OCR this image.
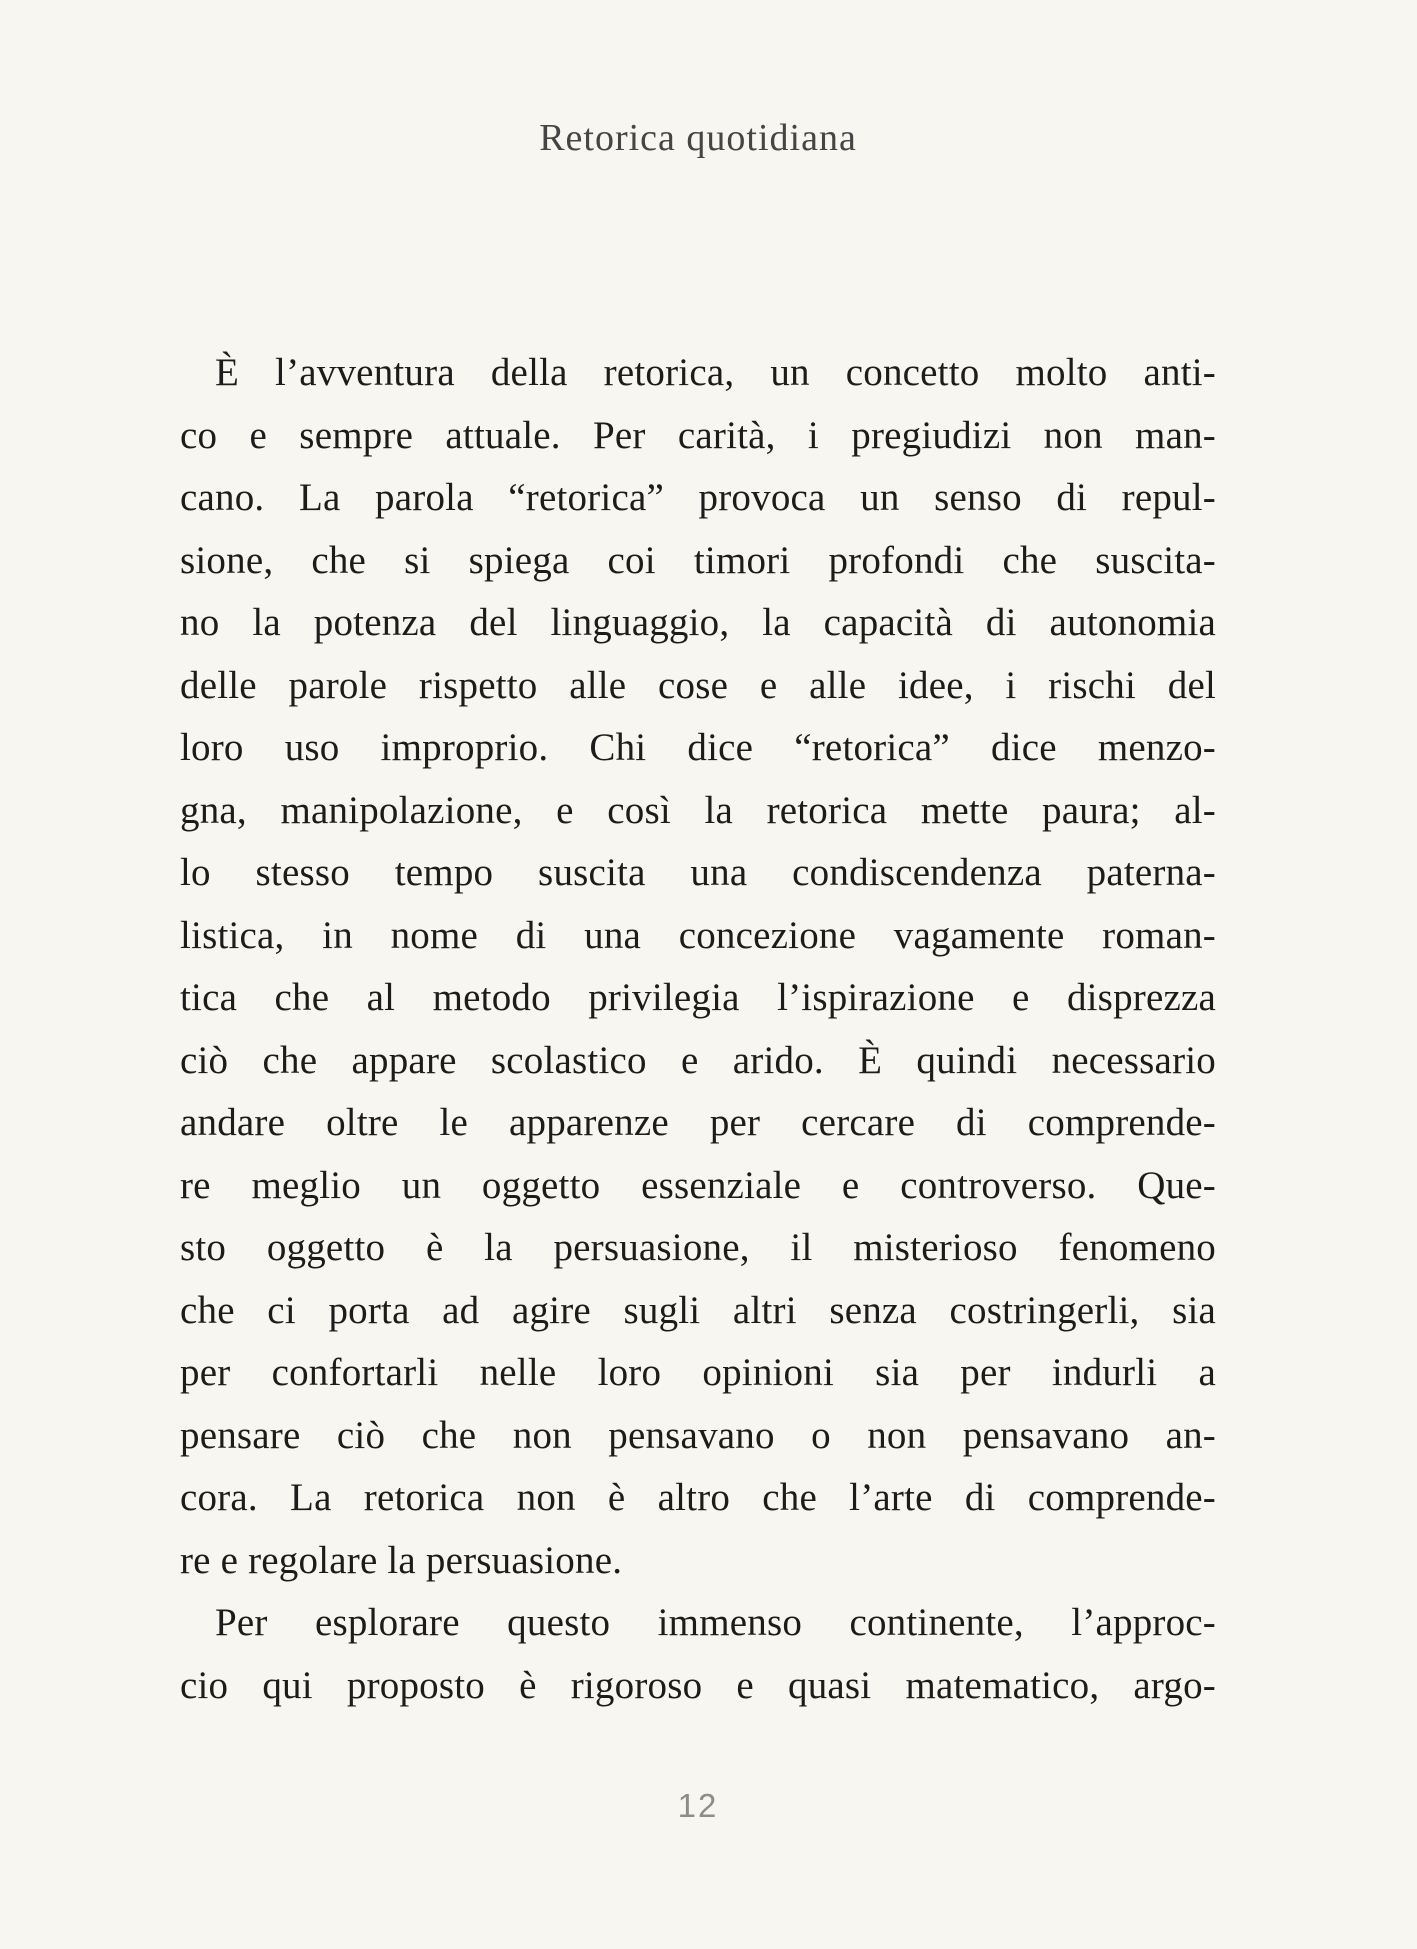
Retorica quotidiana

È l’avventura della retorica, un concetto molto anti-
co e sempre attuale. Per carità, i pregiudizi non man-
cano. La parola “retorica” provoca un senso di repul-
sione, che si spiega coi timori profondi che suscita-
no la potenza del linguaggio, la capacità di autonomia
delle parole rispetto alle cose e alle idee, i rischi del
loro uso improprio. Chi dice “retorica” dice menzo-
gna, manipolazione, e così la retorica mette paura; al-
lo stesso tempo suscita una condiscendenza paterna-
listica, in nome di una concezione vagamente roman-
tica che al metodo privilegia l’ispirazione e disprezza
ciò che appare scolastico e arido. È quindi necessario
andare oltre le apparenze per cercare di comprende-
re meglio un oggetto essenziale e controverso. Que-
sto oggetto è la persuasione, il misterioso fenomeno
che ci porta ad agire sugli altri senza costringerli, sia
per confortarli nelle loro opinioni sia per indurli a
pensare ciò che non pensavano o non pensavano an-
cora. La retorica non è altro che l’arte di comprende-
re e regolare la persuasione.

Per esplorare questo immenso continente, l’approc-
cio qui proposto è rigoroso e quasi matematico, argo-

12
